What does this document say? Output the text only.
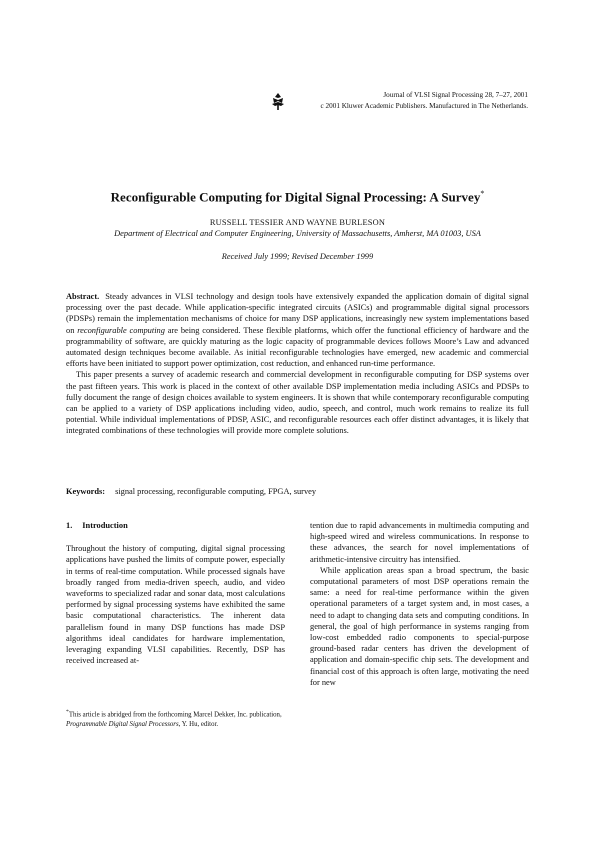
Journal of VLSI Signal Processing 28, 7–27, 2001
c 2001 Kluwer Academic Publishers. Manufactured in The Netherlands.
Reconfigurable Computing for Digital Signal Processing: A Survey*
RUSSELL TESSIER AND WAYNE BURLESON
Department of Electrical and Computer Engineering, University of Massachusetts, Amherst, MA 01003, USA
Received July 1999; Revised December 1999

Abstract. Steady advances in VLSI technology and design tools have extensively expanded the application domain of digital signal processing over the past decade. While application-specific integrated circuits (ASICs) and programmable digital signal processors (PDSPs) remain the implementation mechanisms of choice for many DSP applications, increasingly new system implementations based on reconfigurable computing are being considered. These flexible platforms, which offer the functional efficiency of hardware and the programmability of software, are quickly maturing as the logic capacity of programmable devices follows Moore’s Law and advanced automated design techniques become available. As initial reconfigurable technologies have emerged, new academic and commercial efforts have been initiated to support power optimization, cost reduction, and enhanced run-time performance.

This paper presents a survey of academic research and commercial development in reconfigurable computing for DSP systems over the past fifteen years. This work is placed in the context of other available DSP implementation media including ASICs and PDSPs to fully document the range of design choices available to system engineers. It is shown that while contemporary reconfigurable computing can be applied to a variety of DSP applications including video, audio, speech, and control, much work remains to realize its full potential. While individual implementations of PDSP, ASIC, and reconfigurable resources each offer distinct advantages, it is likely that integrated combinations of these technologies will provide more complete solutions.

Keywords: signal processing, reconfigurable computing, FPGA, survey
1. Introduction

Throughout the history of computing, digital signal processing applications have pushed the limits of compute power, especially in terms of real-time computation. While processed signals have broadly ranged from media-driven speech, audio, and video waveforms to specialized radar and sonar data, most calculations performed by signal processing systems have exhibited the same basic computational characteristics. The inherent data parallelism found in many DSP functions has made DSP algorithms ideal candidates for hardware implementation, leveraging expanding VLSI capabilities. Recently, DSP has received increased at-

tention due to rapid advancements in multimedia computing and high-speed wired and wireless communications. In response to these advances, the search for novel implementations of arithmetic-intensive circuitry has intensified.

While application areas span a broad spectrum, the basic computational parameters of most DSP operations remain the same: a need for real-time performance within the given operational parameters of a target system and, in most cases, a need to adapt to changing data sets and computing conditions. In general, the goal of high performance in systems ranging from low-cost embedded radio components to special-purpose ground-based radar centers has driven the development of application and domain-specific chip sets. The development and financial cost of this approach is often large, motivating the need for new

*This article is abridged from the forthcoming Marcel Dekker, Inc. publication, Programmable Digital Signal Processors, Y. Hu, editor.
